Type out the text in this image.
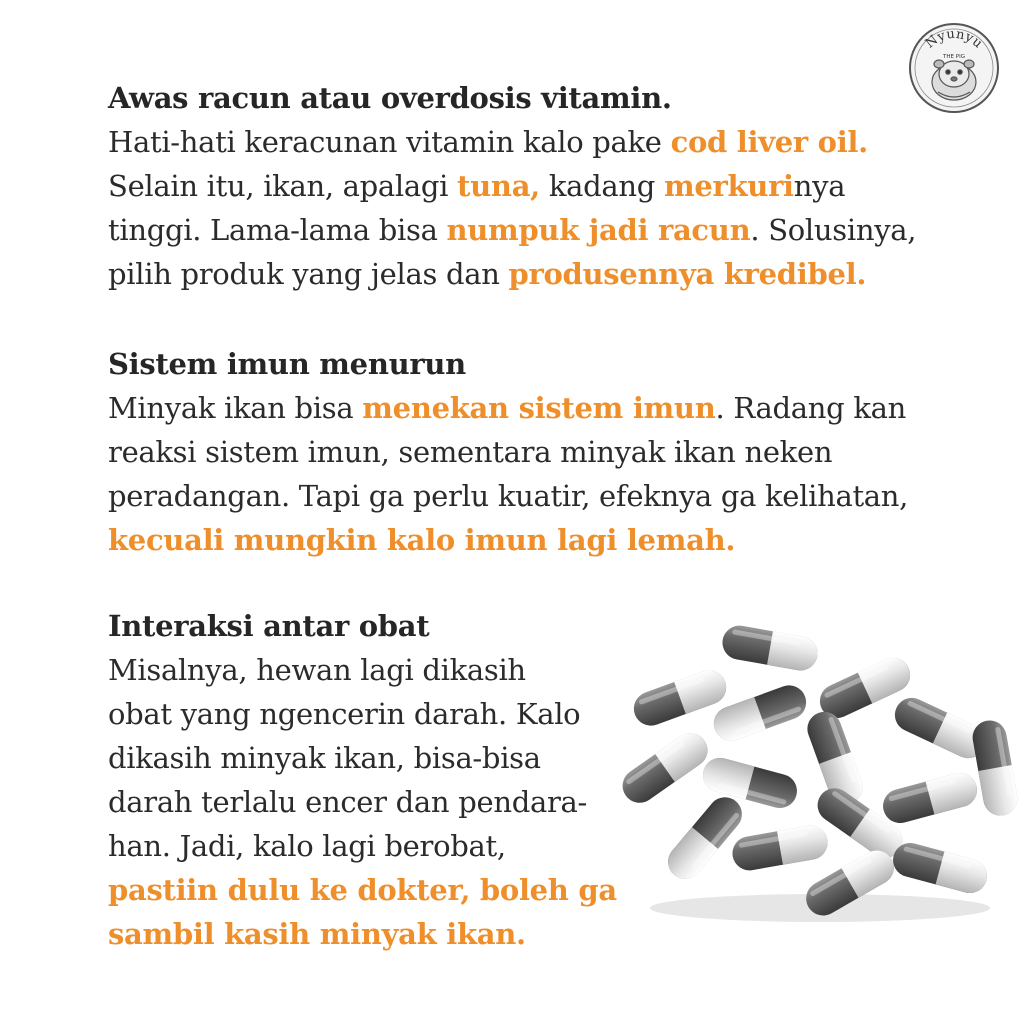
Nyunyu
THE PIG
Awas racun atau overdosis vitamin.
Hati-hati keracunan vitamin kalo pake cod liver oil.
Selain itu, ikan, apalagi tuna, kadang merkurinya
tinggi. Lama-lama bisa numpuk jadi racun. Solusinya,
pilih produk yang jelas dan produsennya kredibel.
Sistem imun menurun
Minyak ikan bisa menekan sistem imun. Radang kan
reaksi sistem imun, sementara minyak ikan neken
peradangan. Tapi ga perlu kuatir, efeknya ga kelihatan,
kecuali mungkin kalo imun lagi lemah.
Interaksi antar obat
Misalnya, hewan lagi dikasih
obat yang ngencerin darah. Kalo
dikasih minyak ikan, bisa-bisa
darah terlalu encer dan pendara-
han. Jadi, kalo lagi berobat,
pastiin dulu ke dokter, boleh ga
sambil kasih minyak ikan.
